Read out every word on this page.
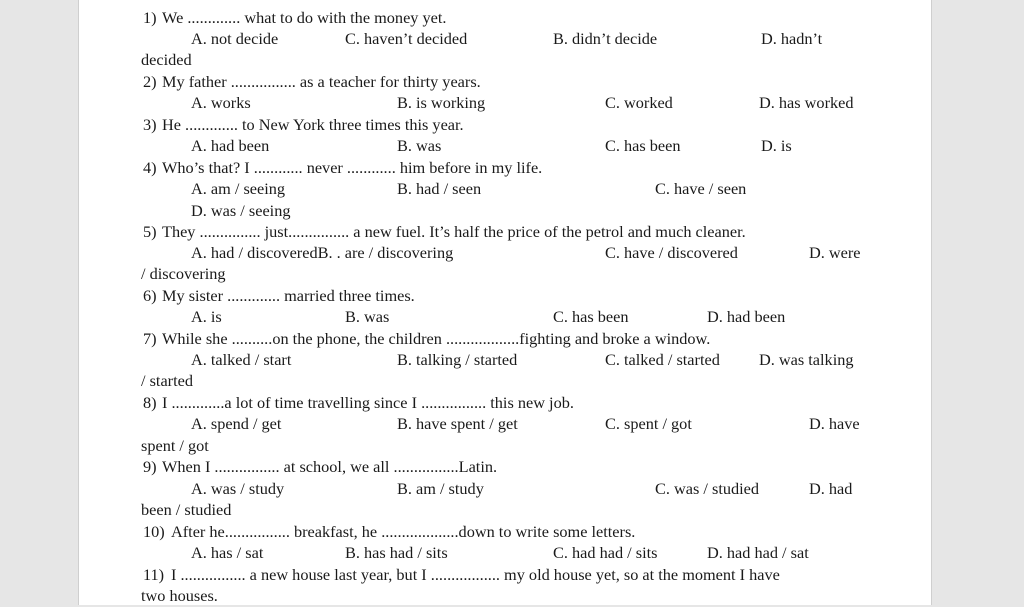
1) We ............. what to do with the money yet.
A. not decide	C. haven’t decided	B. didn’t decide	D. hadn’t
decided
2) My father ................ as a teacher for thirty years.
A. works	B. is working	C. worked	D. has worked
3) He ............. to New York three times this year.
A. had been	B. was	C. has been	D. is
4) Who’s that? I ............ never ............ him before in my life.
A. am / seeing	B. had / seen	C. have / seen
D. was / seeing
5) They ............... just............... a new fuel. It’s half the price of the petrol and much cleaner.
A. had / discoveredB. . are / discovering	C. have / discovered	D. were
/ discovering
6) My sister ............. married three times.
A. is	B. was	C. has been	D. had been
7) While she ..........on the phone, the children ..................fighting and broke a window.
A. talked / start	B. talking / started	C. talked / started D. was talking
/ started
8) I .............a lot of time travelling since I ................ this new job.
A. spend / get	B. have spent / get	C. spent / got	D. have
spent / got
9) When I ................ at school, we all ................Latin.
A. was / study	B. am / study	C. was / studied	D. had
been / studied
10) After he................ breakfast, he ...................down to write some letters.
A. has / sat	B. has had / sits	C. had had / sits	D. had had / sat
11) I ................ a new house last year, but I ................. my old house yet, so at the moment I have
two houses.
